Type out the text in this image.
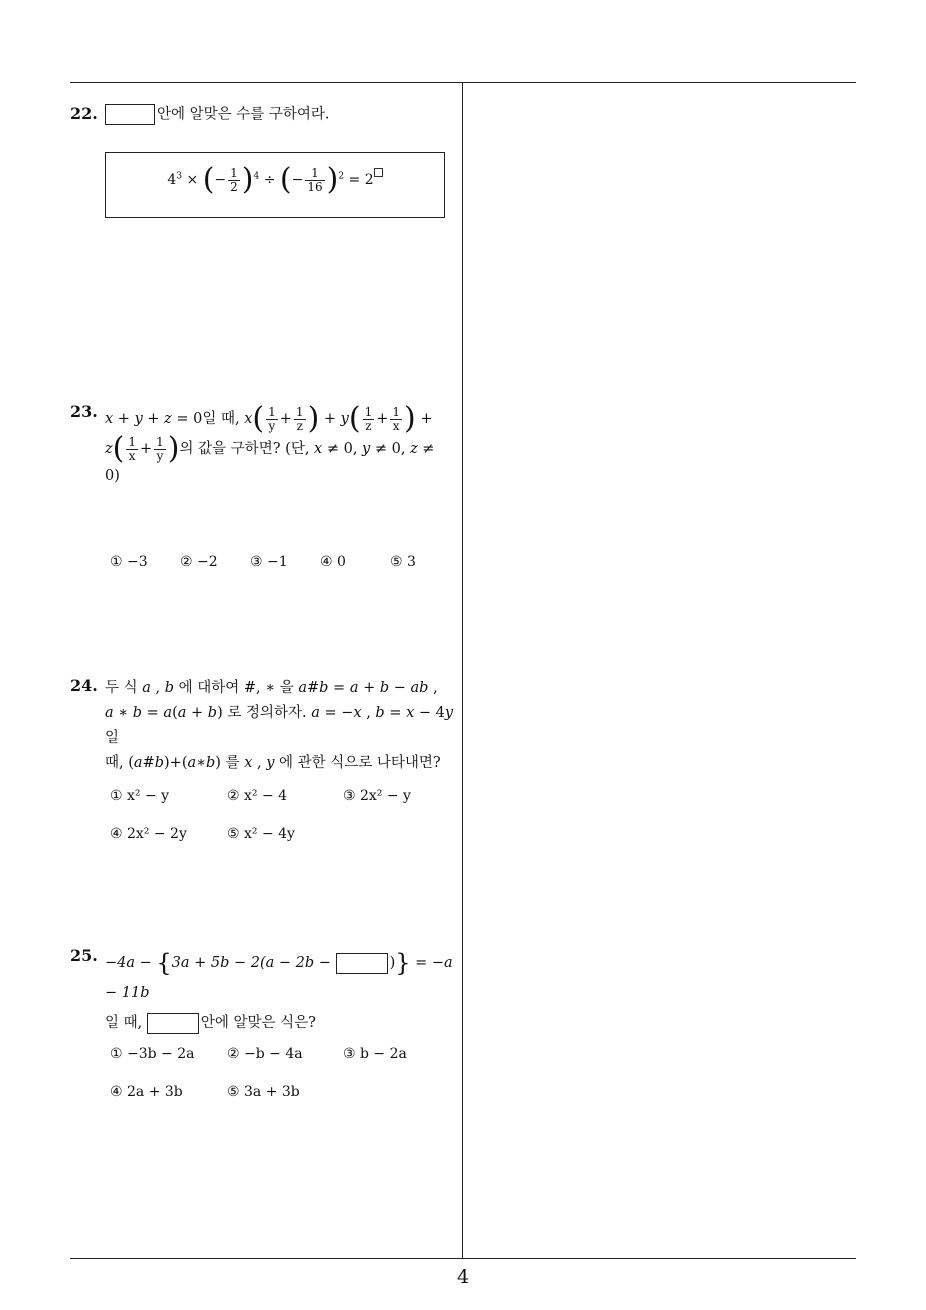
4
22.	안에 알맞은 수를 구하여라.
$4^3$ × (− $\frac{1}{2} )^4$ ÷ (− $\frac{1}{16} )^2 = 2$
23. x + y + z = 0일 때, $x( \frac{1}{y} + \frac{1}{z}$ ) + $y( \frac{1}{z} + \frac{1}{x}$ ) +
$z( \frac{1}{x} + \frac{1}{y}$ )의 값을 구하면? (단, x ≠ 0, y ≠ 0, z ≠
0)
① −3 ② −2 ③ −1 ④ 0	⑤ 3
24. 두 식 a , b 에 대하여 #, ∗ 을 a#b = a + b − ab ,
a ∗ b = a(a + b) 로 정의하자. a = −x , b = x − 4y 일
때, (a#b)+(a∗b) 를 x , y 에 관한 식으로 나타내면?
① x² − y	② x² − 4	③ 2x² − y
④ 2x² − 2y	⑤ x² − 4y
25. −4a − {3a + 5b − 2(a − 2b −	)} = −a − 11b
일 때,	안에 알맞은 식은?
① −3b − 2a ② −b − 4a	③ b − 2a
④ 2a + 3b	⑤ 3a + 3b
